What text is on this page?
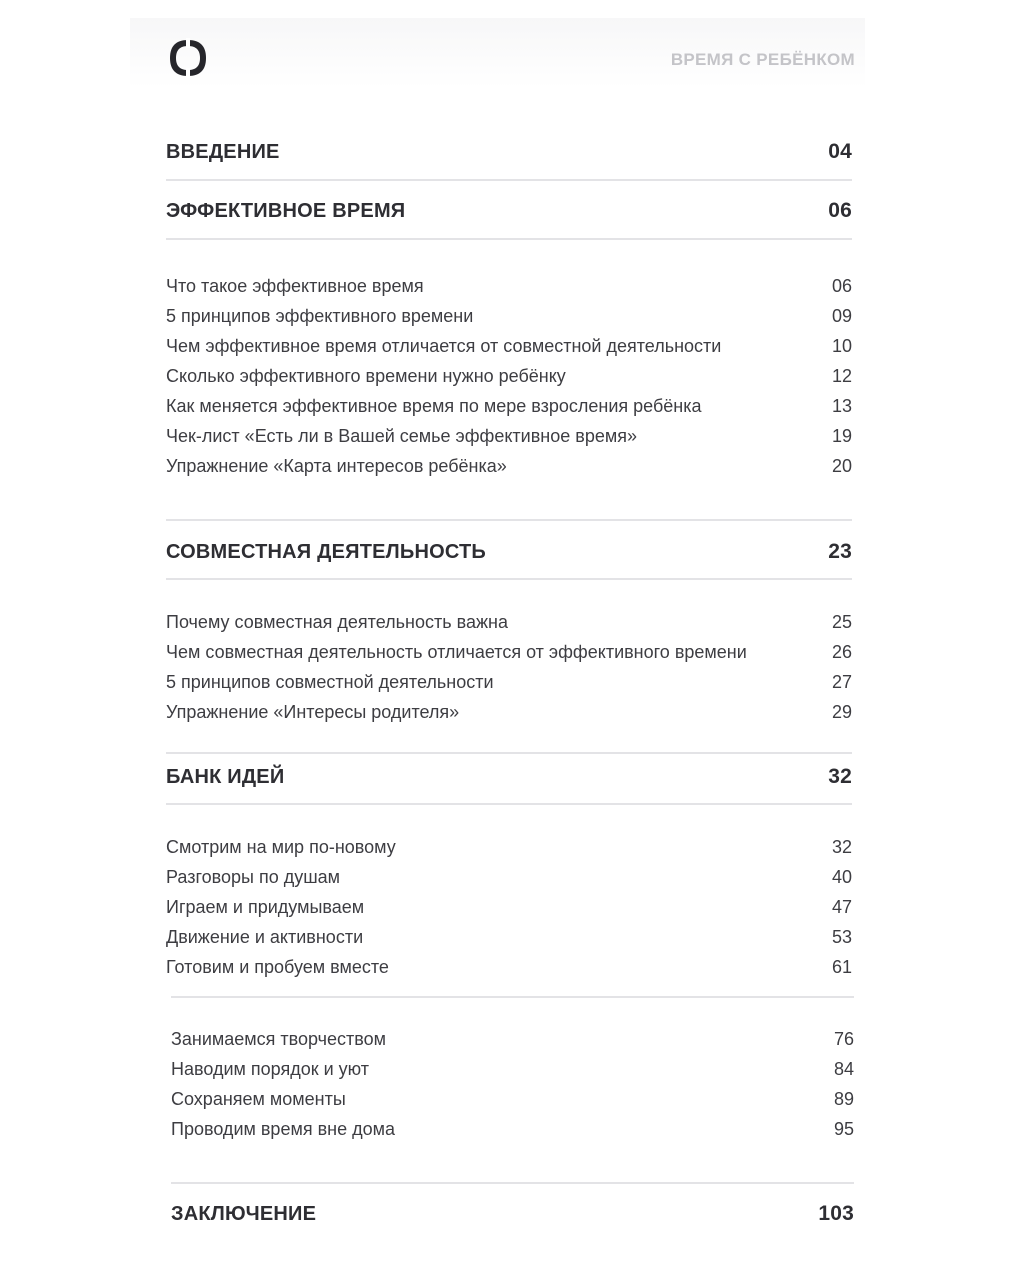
ВРЕМЯ С РЕБЁНКОМ
ВВЕДЕНИЕ	04
ЭФФЕКТИВНОЕ ВРЕМЯ	06
Что такое эффективное время	06
5 принципов эффективного времени	09
Чем эффективное время отличается от совместной деятельности	10
Сколько эффективного времени нужно ребёнку	12
Как меняется эффективное время по мере взросления ребёнка	13
Чек-лист «Есть ли в Вашей семье эффективное время»	19
Упражнение «Карта интересов ребёнка»	20
СОВМЕСТНАЯ ДЕЯТЕЛЬНОСТЬ	23
Почему совместная деятельность важна	25
Чем совместная деятельность отличается от эффективного времени	26
5 принципов совместной деятельности	27
Упражнение «Интересы родителя»	29
БАНК ИДЕЙ	32
Смотрим на мир по-новому	32
Разговоры по душам	40
Играем и придумываем	47
Движение и активности	53
Готовим и пробуем вместе	61
Занимаемся творчеством	76
Наводим порядок и уют	84
Сохраняем моменты	89
Проводим время вне дома	95
ЗАКЛЮЧЕНИЕ	103
